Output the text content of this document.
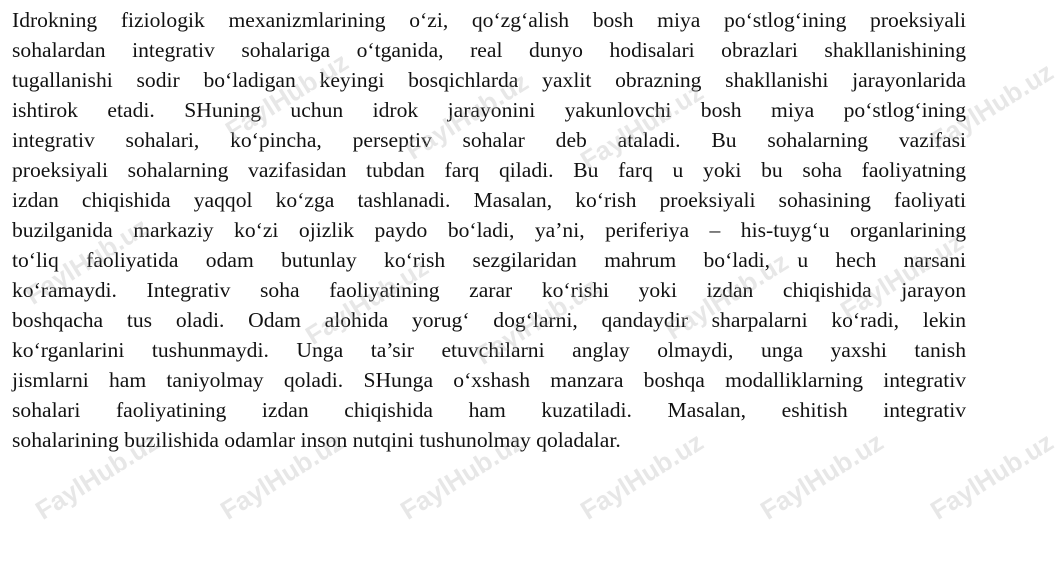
Idrokning fiziologik mexanizmlarining o‘zi, qo‘zg‘alish bosh miya po‘stlog‘ining proeksiyali
sohalardan integrativ sohalariga o‘tganida, real dunyo hodisalari obrazlari shakllanishining
tugallanishi sodir bo‘ladigan keyingi bosqichlarda yaxlit obrazning shakllanishi jarayonlarida
ishtirok etadi. SHuning uchun idrok jarayonini yakunlovchi bosh miya po‘stlog‘ining
integrativ sohalari, ko‘pincha, perseptiv sohalar deb ataladi. Bu sohalarning vazifasi
proeksiyali sohalarning vazifasidan tubdan farq qiladi. Bu farq u yoki bu soha faoliyatning
izdan chiqishida yaqqol ko‘zga tashlanadi. Masalan, ko‘rish proeksiyali sohasining faoliyati
buzilganida markaziy ko‘zi ojizlik paydo bo‘ladi, ya’ni, periferiya – his-tuyg‘u organlarining
to‘liq faoliyatida odam butunlay ko‘rish sezgilaridan mahrum bo‘ladi, u hech narsani
ko‘ramaydi. Integrativ soha faoliyatining zarar ko‘rishi yoki izdan chiqishida jarayon
boshqacha tus oladi. Odam alohida yorug‘ dog‘larni, qandaydir sharpalarni ko‘radi, lekin
ko‘rganlarini tushunmaydi. Unga ta’sir etuvchilarni anglay olmaydi, unga yaxshi tanish
jismlarni ham taniyolmay qoladi. SHunga o‘xshash manzara boshqa modalliklarning integrativ
sohalari faoliyatining izdan chiqishida ham kuzatiladi. Masalan, eshitish integrativ
sohalarining buzilishida odamlar inson nutqini tushunolmay qoladalar.
FaylHub.uz FaylHub.uz FaylHub.uz FaylHub.uz FaylHub.uz FaylHub.uz
FaylHub.uz	FaylHub.uz FaylHub.uz FaylHub.uz FaylHub.uz
FaylHub.uz FaylHub.uz FaylHub.uz	FaylHub.uz
